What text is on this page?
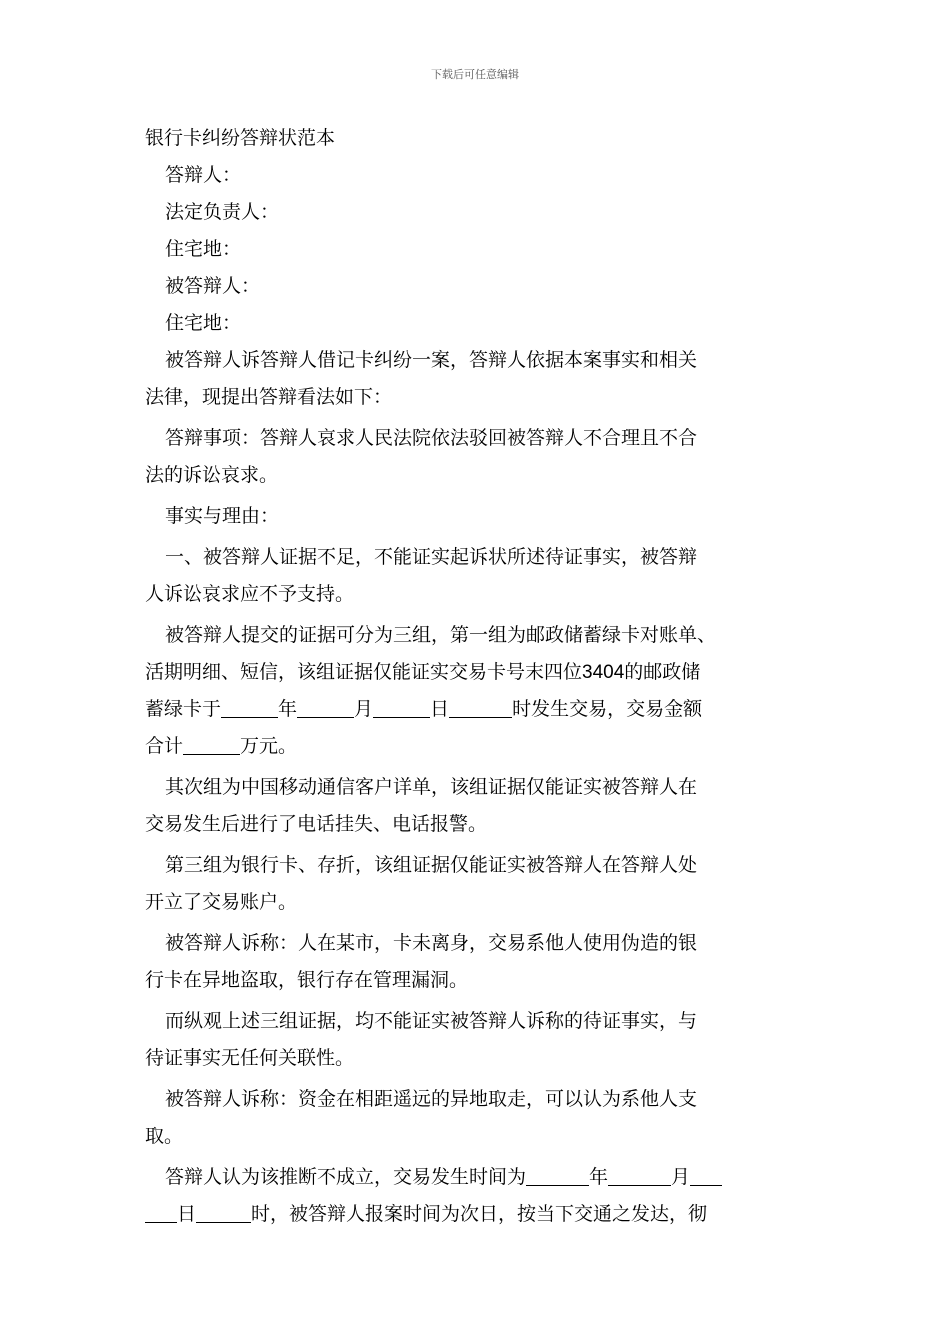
下载后可任意编辑
银行卡纠纷答辩状范本
答辩人：
法定负责人：
住宅地：
被答辩人：
住宅地：
被答辩人诉答辩人借记卡纠纷一案，答辩人依据本案事实和相关
法律，现提出答辩看法如下：
答辩事项：答辩人哀求人民法院依法驳回被答辩人不合理且不合
法的诉讼哀求。
事实与理由：
一、被答辩人证据不足，不能证实起诉状所述待证事实，被答辩
人诉讼哀求应不予支持。
被答辩人提交的证据可分为三组，第一组为邮政储蓄绿卡对账单、
活期明细、短信，该组证据仅能证实交易卡号末四位3404的邮政储
蓄绿卡于	年	月	日	时发生交易，交易金额
合计	万元。
其次组为中国移动通信客户详单，该组证据仅能证实被答辩人在
交易发生后进行了电话挂失、电话报警。
第三组为银行卡、存折，该组证据仅能证实被答辩人在答辩人处
开立了交易账户。
被答辩人诉称：人在某市，卡未离身，交易系他人使用伪造的银
行卡在异地盗取，银行存在管理漏洞。
而纵观上述三组证据，均不能证实被答辩人诉称的待证事实，与
待证事实无任何关联性。
被答辩人诉称：资金在相距遥远的异地取走，可以认为系他人支
取。
答辩人认为该推断不成立，交易发生时间为	年	月
日	时，被答辩人报案时间为次日，按当下交通之发达，彻
